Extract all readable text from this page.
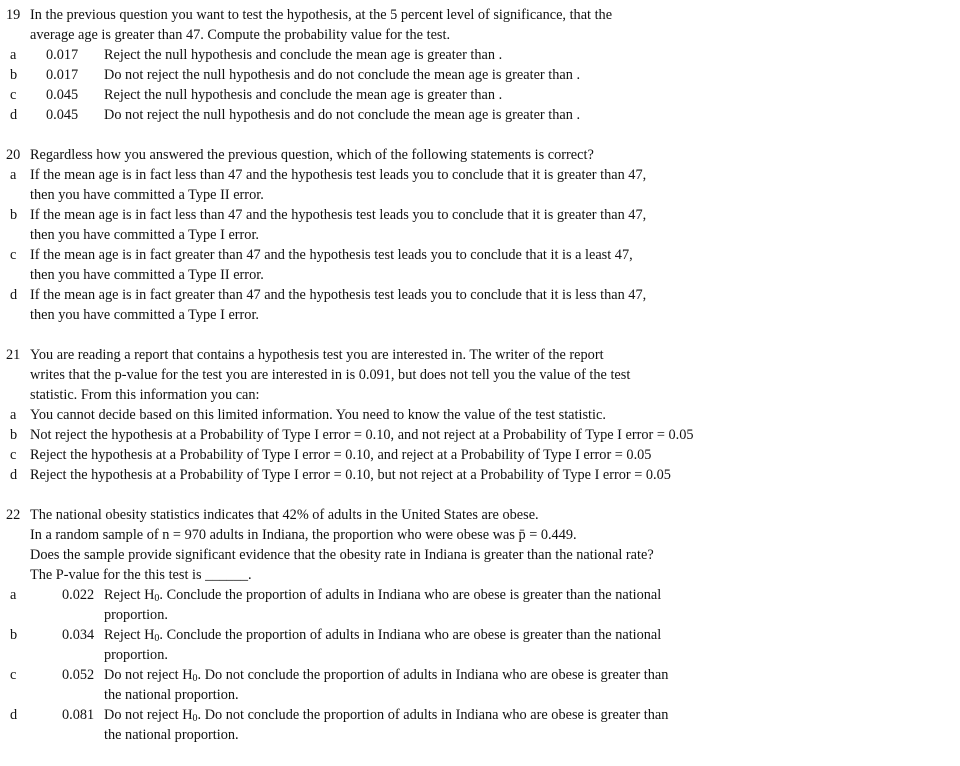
19 In the previous question you want to test the hypothesis, at the 5 percent level of significance, that the
average age is greater than 47. Compute the probability value for the test.
a 0.017 Reject the null hypothesis and conclude the mean age is greater than .
b 0.017 Do not reject the null hypothesis and do not conclude the mean age is greater than .
c 0.045 Reject the null hypothesis and conclude the mean age is greater than .
d 0.045 Do not reject the null hypothesis and do not conclude the mean age is greater than .
20 Regardless how you answered the previous question, which of the following statements is correct?
a If the mean age is in fact less than 47 and the hypothesis test leads you to conclude that it is greater than 47,
then you have committed a Type II error.
b If the mean age is in fact less than 47 and the hypothesis test leads you to conclude that it is greater than 47,
then you have committed a Type I error.
c If the mean age is in fact greater than 47 and the hypothesis test leads you to conclude that it is a least 47,
then you have committed a Type II error.
d If the mean age is in fact greater than 47 and the hypothesis test leads you to conclude that it is less than 47,
then you have committed a Type I error.
21 You are reading a report that contains a hypothesis test you are interested in. The writer of the report
writes that the p-value for the test you are interested in is 0.091, but does not tell you the value of the test
statistic. From this information you can:
a You cannot decide based on this limited information. You need to know the value of the test statistic.
b Not reject the hypothesis at a Probability of Type I error = 0.10, and not reject at a Probability of Type I error = 0.05
c Reject the hypothesis at a Probability of Type I error = 0.10, and reject at a Probability of Type I error = 0.05
d Reject the hypothesis at a Probability of Type I error = 0.10, but not reject at a Probability of Type I error = 0.05
22 The national obesity statistics indicates that 42% of adults in the United States are obese.
In a random sample of n = 970 adults in Indiana, the proportion who were obese was p̄ = 0.449.
Does the sample provide significant evidence that the obesity rate in Indiana is greater than the national rate?
The P-value for the this test is ______.
a	0.022 Reject $H_0$. Conclude the proportion of adults in Indiana who are obese is greater than the national
proportion.
b	0.034 Reject $H_0$. Conclude the proportion of adults in Indiana who are obese is greater than the national
proportion.
c	0.052 Do not reject $H_0$. Do not conclude the proportion of adults in Indiana who are obese is greater than
the national proportion.
d	0.081 Do not reject $H_0$. Do not conclude the proportion of adults in Indiana who are obese is greater than
the national proportion.
